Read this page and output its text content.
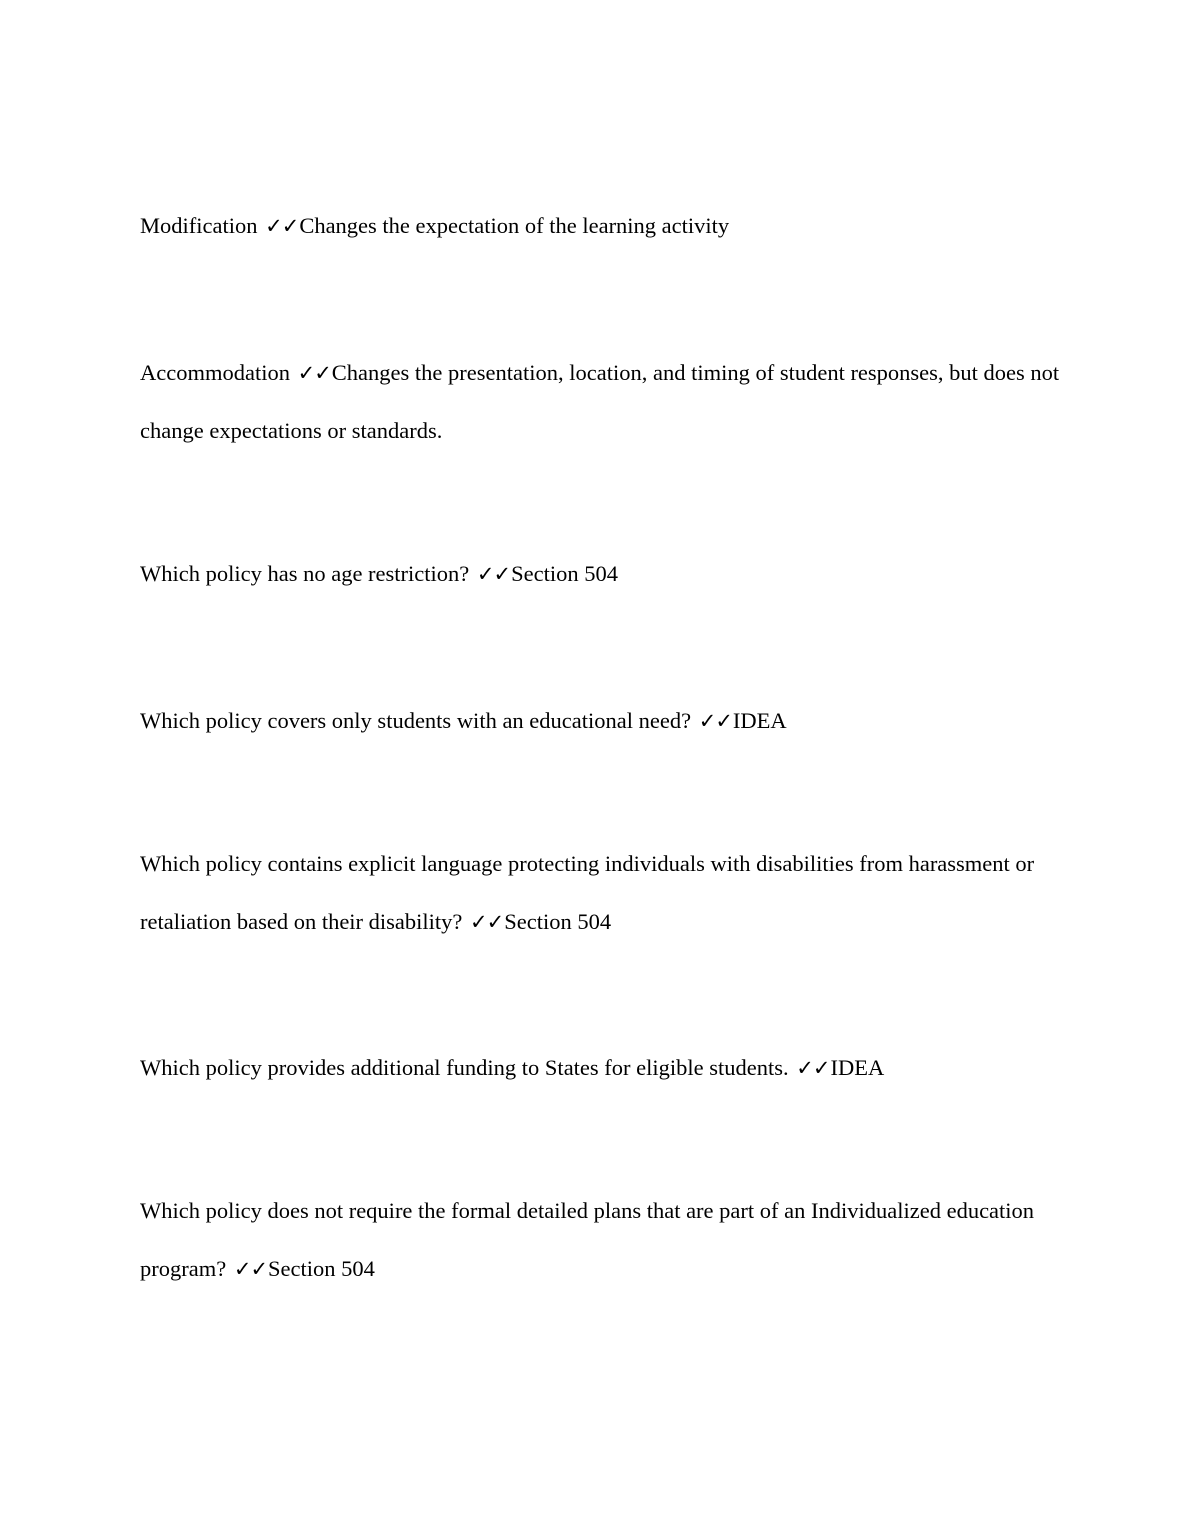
Modification ✓✓Changes the expectation of the learning activity

Accommodation ✓✓Changes the presentation, location, and timing of student responses, but does not change expectations or standards.

Which policy has no age restriction? ✓✓Section 504

Which policy covers only students with an educational need? ✓✓IDEA

Which policy contains explicit language protecting individuals with disabilities from harassment or retaliation based on their disability? ✓✓Section 504

Which policy provides additional funding to States for eligible students. ✓✓IDEA

Which policy does not require the formal detailed plans that are part of an Individualized education program? ✓✓Section 504
